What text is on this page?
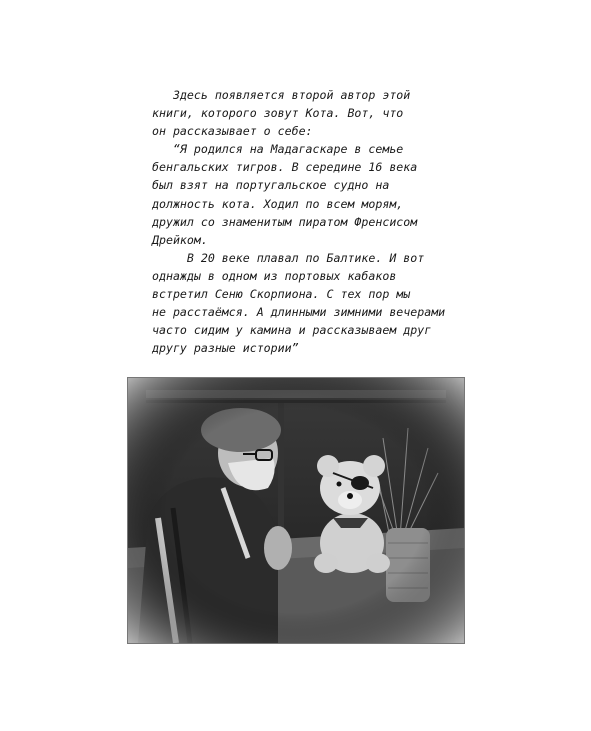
Здесь появляется второй автор этой
книги, которого зовут Кота. Вот, что
он рассказывает о себе:
“Я родился на Мадагаскаре в семье
бенгальских тигров. В середине 16 века
был взят на португальское судно на
должность кота. Ходил по всем морям,
дружил со знаменитым пиратом Френсисом
Дрейком.
В 20 веке плавал по Балтике. И вот
однажды в одном из портовых кабаков
встретил Сеню Скорпиона. С тех пор мы
не расстаёмся. А длинными зимними вечерами
часто сидим у камина и рассказываем друг
другу разные истории”
